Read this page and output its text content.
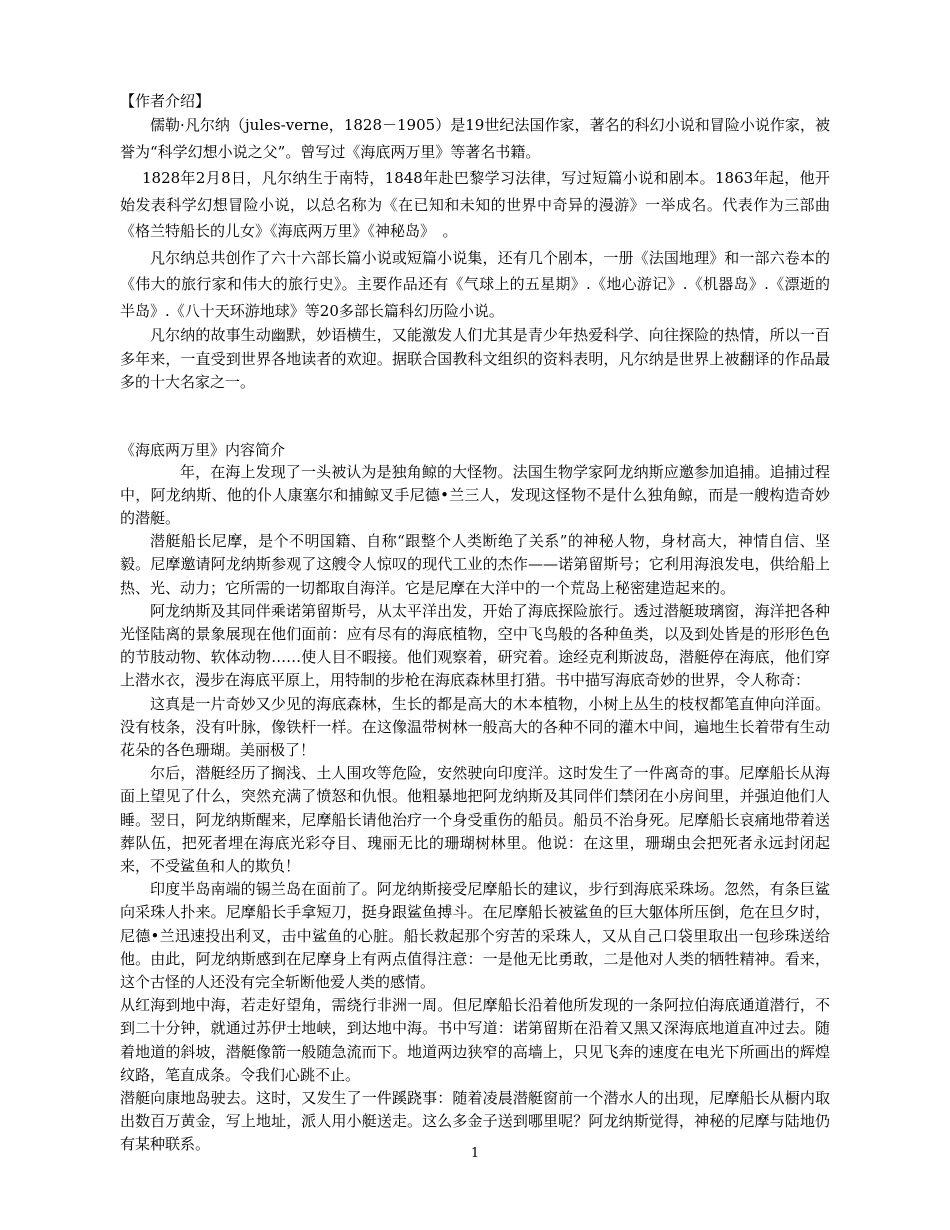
【作者介绍】

儒勒·凡尔纳（jules-verne，1828－1905）是19世纪法国作家，著名的科幻小说和冒险小说作家，被誉为“科学幻想小说之父”。曾写过《海底两万里》等著名书籍。

1828年2月8日，凡尔纳生于南特，1848年赴巴黎学习法律，写过短篇小说和剧本。1863年起，他开始发表科学幻想冒险小说，以总名称为《在已知和未知的世界中奇异的漫游》一举成名。代表作为三部曲　《格兰特船长的儿女》《海底两万里》《神秘岛》　。

凡尔纳总共创作了六十六部长篇小说或短篇小说集，还有几个剧本，一册《法国地理》和一部六卷本的《伟大的旅行家和伟大的旅行史》。主要作品还有《气球上的五星期》.《地心游记》.《机器岛》.《漂逝的半岛》.《八十天环游地球》等20多部长篇科幻历险小说。

凡尔纳的故事生动幽默，妙语横生，又能激发人们尤其是青少年热爱科学、向往探险的热情，所以一百多年来，一直受到世界各地读者的欢迎。据联合国教科文组织的资料表明，凡尔纳是世界上被翻译的作品最多的十大名家之一。

《海底两万里》内容简介

年，在海上发现了一头被认为是独角鲸的大怪物。法国生物学家阿龙纳斯应邀参加追捕。追捕过程中，阿龙纳斯、他的仆人康塞尔和捕鲸叉手尼德•兰三人，发现这怪物不是什么独角鲸，而是一艘构造奇妙的潜艇。

潜艇船长尼摩，是个不明国籍、自称“跟整个人类断绝了关系”的神秘人物，身材高大，神情自信、坚毅。尼摩邀请阿龙纳斯参观了这艘令人惊叹的现代工业的杰作——诺第留斯号；它利用海浪发电，供给船上热、光、动力；它所需的一切都取自海洋。它是尼摩在大洋中的一个荒岛上秘密建造起来的。

阿龙纳斯及其同伴乘诺第留斯号，从太平洋出发，开始了海底探险旅行。透过潜艇玻璃窗，海洋把各种光怪陆离的景象展现在他们面前：应有尽有的海底植物，空中飞鸟般的各种鱼类，以及到处皆是的形形色色的节肢动物、软体动物……使人目不暇接。他们观察着，研究着。途经克利斯波岛，潜艇停在海底，他们穿上潜水衣，漫步在海底平原上，用特制的步枪在海底森林里打猎。书中描写海底奇妙的世界，令人称奇：

这真是一片奇妙又少见的海底森林，生长的都是高大的木本植物，小树上丛生的枝杈都笔直伸向洋面。没有枝条，没有叶脉，像铁杆一样。在这像温带树林一般高大的各种不同的灌木中间，遍地生长着带有生动花朵的各色珊瑚。美丽极了！

尔后，潜艇经历了搁浅、土人围攻等危险，安然驶向印度洋。这时发生了一件离奇的事。尼摩船长从海面上望见了什么，突然充满了愤怒和仇恨。他粗暴地把阿龙纳斯及其同伴们禁闭在小房间里，并强迫他们人睡。翌日，阿龙纳斯醒来，尼摩船长请他治疗一个身受重伤的船员。船员不治身死。尼摩船长哀痛地带着送葬队伍，把死者埋在海底光彩夺目、瑰丽无比的珊瑚树林里。他说：在这里，珊瑚虫会把死者永远封闭起来，不受鲨鱼和人的欺负！

印度半岛南端的锡兰岛在面前了。阿龙纳斯接受尼摩船长的建议，步行到海底采珠场。忽然，有条巨鲨向采珠人扑来。尼摩船长手拿短刀，挺身跟鲨鱼搏斗。在尼摩船长被鲨鱼的巨大躯体所压倒，危在旦夕时，尼德•兰迅速投出利叉，击中鲨鱼的心脏。船长救起那个穷苦的采珠人，又从自己口袋里取出一包珍珠送给他。由此，阿龙纳斯感到在尼摩身上有两点值得注意：一是他无比勇敢，二是他对人类的牺牲精神。看来，这个古怪的人还没有完全斩断他爱人类的感情。

从红海到地中海，若走好望角，需绕行非洲一周。但尼摩船长沿着他所发现的一条阿拉伯海底通道潜行，不到二十分钟，就通过苏伊士地峡，到达地中海。书中写道：诺第留斯在沿着又黑又深海底地道直冲过去。随着地道的斜坡，潜艇像箭一般随急流而下。地道两边狭窄的高墙上，只见飞奔的速度在电光下所画出的辉煌纹路，笔直成条。令我们心跳不止。

潜艇向康地岛驶去。这时，又发生了一件蹊跷事：随着凌晨潜艇窗前一个潜水人的出现，尼摩船长从橱内取出数百万黄金，写上地址，派人用小艇送走。这么多金子送到哪里呢？阿龙纳斯觉得，神秘的尼摩与陆地仍有某种联系。

1
